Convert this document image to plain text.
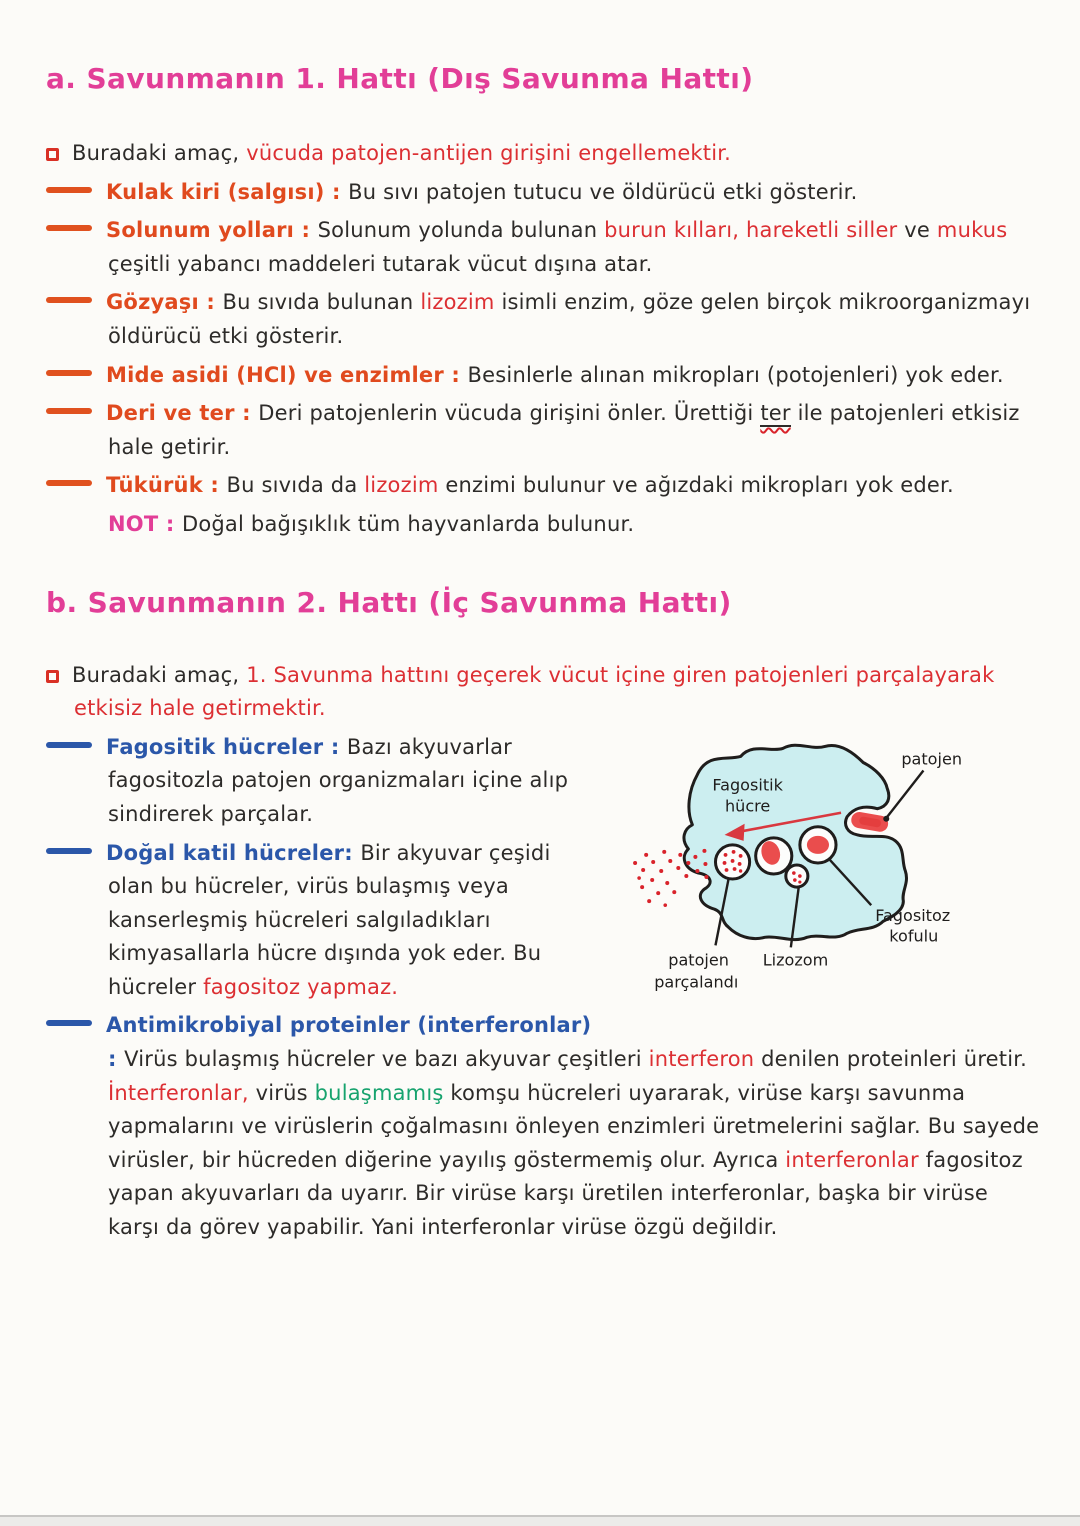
a. Savunmanın 1. Hattı (Dış Savunma Hattı)

Buradaki amaç, vücuda patojen-antijen girişini engellemektir.

Kulak kiri (salgısı) : Bu sıvı patojen tutucu ve öldürücü etki gösterir.

Solunum yolları : Solunum yolunda bulunan burun kılları, hareketli siller ve mukus çeşitli yabancı maddeleri tutarak vücut dışına atar.

Gözyaşı : Bu sıvıda bulunan lizozim isimli enzim, göze gelen birçok mikroorganizmayı öldürücü etki gösterir.

Mide asidi (HCl) ve enzimler : Besinlerle alınan mikropları (potojenleri) yok eder.

Deri ve ter : Deri patojenlerin vücuda girişini önler. Ürettiği ter ile patojenleri etkisiz hale getirir.

Tükürük : Bu sıvıda da lizozim enzimi bulunur ve ağızdaki mikropları yok eder.

NOT : Doğal bağışıklık tüm hayvanlarda bulunur.

b. Savunmanın 2. Hattı (İç Savunma Hattı)

Buradaki amaç, 1. Savunma hattını geçerek vücut içine giren patojenleri parçalayarak etkisiz hale getirmektir.

patojen
Fagositik
hücre
Fagositoz
kofulu
patojen
parçalandı
Lizozom

Fagositik hücreler : Bazı akyuvarlar fagositozla patojen organizmaları içine alıp sindirerek parçalar.

Doğal katil hücreler: Bir akyuvar çeşidi olan bu hücreler, virüs bulaşmış veya kanserleşmiş hücreleri salgıladıkları kimyasallarla hücre dışında yok eder. Bu hücreler fagositoz yapmaz.

Antimikrobiyal proteinler (interferonlar) : Virüs bulaşmış hücreler ve bazı akyuvar çeşitleri interferon denilen proteinleri üretir. İnterferonlar, virüs bulaşmamış komşu hücreleri uyararak, virüse karşı savunma yapmalarını ve virüslerin çoğalmasını önleyen enzimleri üretmelerini sağlar. Bu sayede virüsler, bir hücreden diğerine yayılış göstermemiş olur. Ayrıca interferonlar fagositoz yapan akyuvarları da uyarır. Bir virüse karşı üretilen interferonlar, başka bir virüse karşı da görev yapabilir. Yani interferonlar virüse özgü değildir.
